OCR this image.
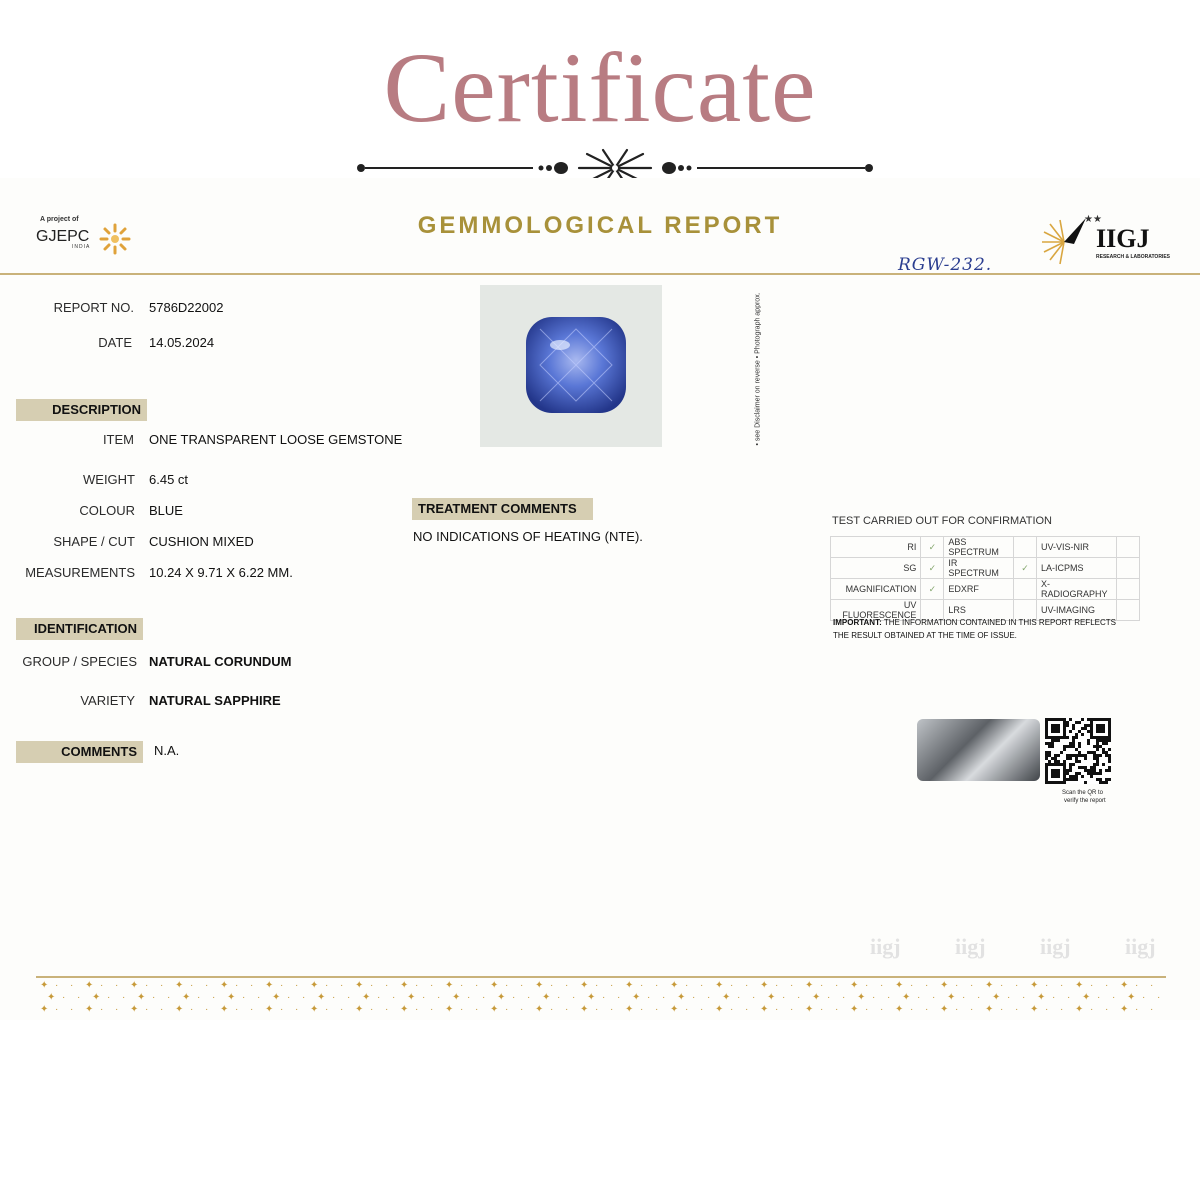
Certificate
A project of
GJEPC
INDIA
GEMMOLOGICAL REPORT	★★
IIGJ
RESEARCH & LABORATORIES
RGW-232.
REPORT NO. 5786D22002
DATE 14.05.2024	• see Disclaimer on reverse • Photograph approx.
DESCRIPTION
ITEM ONE TRANSPARENT LOOSE GEMSTONE
WEIGHT 6.45 ct
COLOUR BLUE
SHAPE / CUT CUSHION MIXED
MEASUREMENTS 10.24 X 9.71 X 6.22 MM.
IDENTIFICATION
GROUP / SPECIES NATURAL CORUNDUM
VARIETY NATURAL SAPPHIRE
COMMENTS	N.A.
TREATMENT COMMENTS
NO INDICATIONS OF HEATING (NTE).
TEST CARRIED OUT FOR CONFIRMATION
RI	✓	ABS SPECTRUM		UV-VIS-NIR	
SG	✓	IR SPECTRUM	✓	LA-ICPMS	
MAGNIFICATION	✓	EDXRF		X-RADIOGRAPHY	
UV FLUORESCENCE		LRS		UV-IMAGING	
IMPORTANT: THE INFORMATION CONTAINED IN THIS REPORT REFLECTS THE RESULT OBTAINED AT THE TIME OF ISSUE.
Scan the QR to
verify the report
iigj iigj iigj iigj
✦ · · ✦ · · ✦ · · ✦ · · ✦ · · ✦ · · ✦ · · ✦ · · ✦ · · ✦ · · ✦ · · ✦ · · ✦ · · ✦ · · ✦ · · ✦ · · ✦ · · ✦ · · ✦ · · ✦ · · ✦ · · ✦ · · ✦ · · ✦ · · ✦ · ·
✦ · · ✦ · · ✦ · · ✦ · · ✦ · · ✦ · · ✦ · · ✦ · · ✦ · · ✦ · · ✦ · · ✦ · · ✦ · · ✦ · · ✦ · · ✦ · · ✦ · · ✦ · · ✦ · · ✦ · · ✦ · · ✦ · · ✦ · · ✦ · · ✦ · ·
✦ · · ✦ · · ✦ · · ✦ · · ✦ · · ✦ · · ✦ · · ✦ · · ✦ · · ✦ · · ✦ · · ✦ · · ✦ · · ✦ · · ✦ · · ✦ · · ✦ · · ✦ · · ✦ · · ✦ · · ✦ · · ✦ · · ✦ · · ✦ · · ✦ · ·
